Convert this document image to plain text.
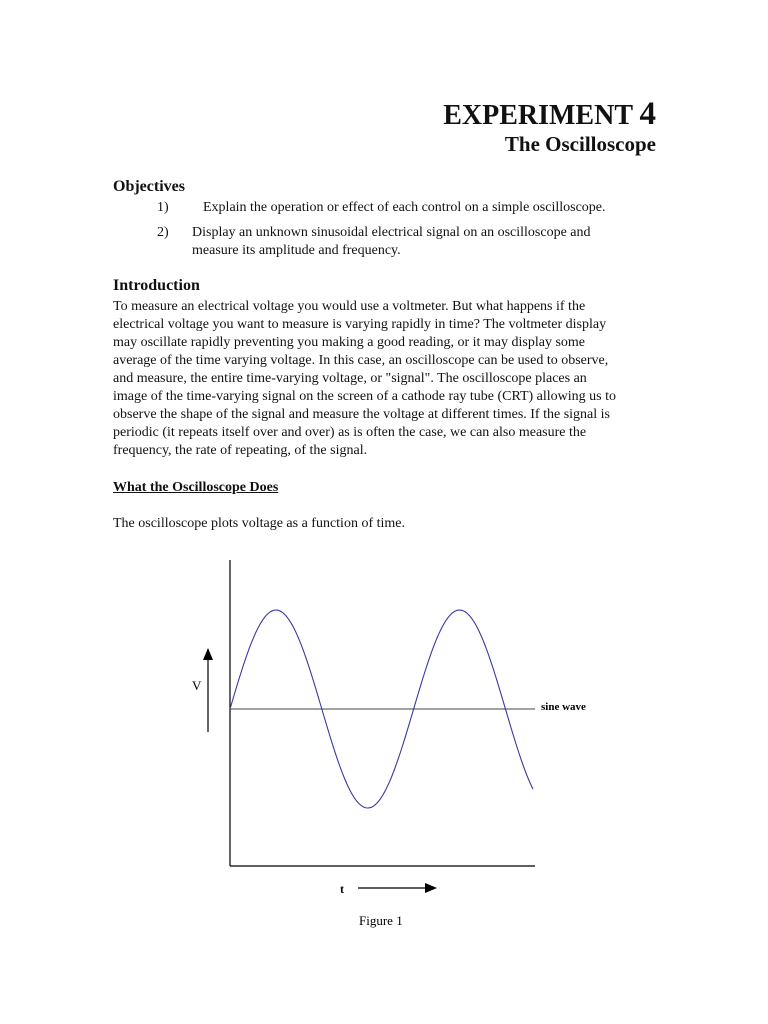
EXPERIMENT 4
The Oscilloscope
Objectives
1) Explain the operation or effect of each control on a simple oscilloscope.
2) Display an unknown sinusoidal electrical signal on an oscilloscope and
measure its amplitude and frequency.
Introduction
To measure an electrical voltage you would use a voltmeter. But what happens if the
electrical voltage you want to measure is varying rapidly in time? The voltmeter display
may oscillate rapidly preventing you making a good reading, or it may display some
average of the time varying voltage. In this case, an oscilloscope can be used to observe,
and measure, the entire time-varying voltage, or "signal". The oscilloscope places an
image of the time-varying signal on the screen of a cathode ray tube (CRT) allowing us to
observe the shape of the signal and measure the voltage at different times. If the signal is
periodic (it repeats itself over and over) as is often the case, we can also measure the
frequency, the rate of repeating, of the signal.
What the Oscilloscope Does
The oscilloscope plots voltage as a function of time.
V
t
sine wave
Figure 1
